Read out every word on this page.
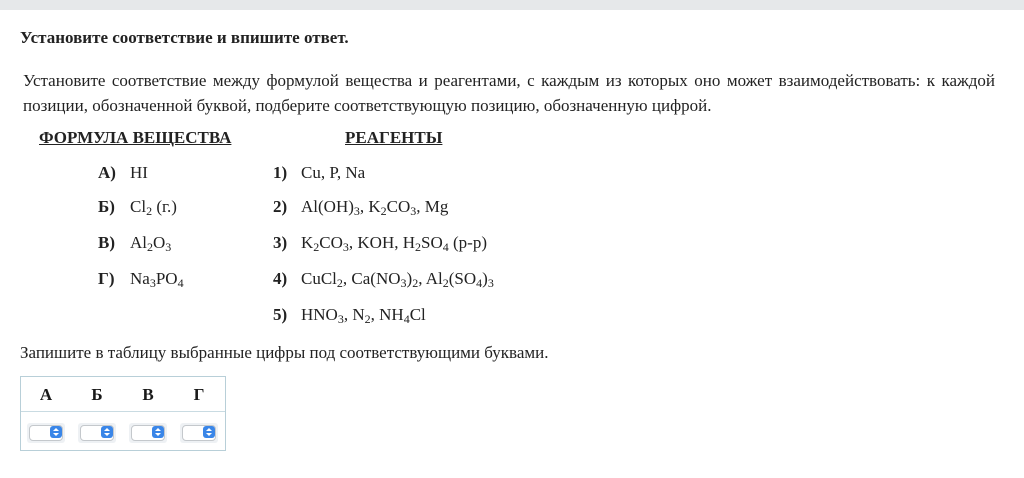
Установите соответствие и впишите ответ.
Установите соответствие между формулой вещества и реагентами, с каждым из которых оно может взаимодействовать: к каждой позиции, обозначенной буквой, подберите соответствующую позицию, обозначенную цифрой.
ФОРМУЛА ВЕЩЕСТВА	РЕАГЕНТЫ
А) HI
Б) $Cl_2$ (г.)
В) $Al_2O_3$
Г) $Na_3PO_4$
1) Cu, P, Na
2) $Al(OH)_3$, $K_2CO_3$, Mg
3) $K_2CO_3$, KOH, $H_2SO_4$ (р-р)
4) CuCl$_2$, $Ca(NO_3)_2$, $Al_2(SO_4)_3$
5) $HNO_3$, $N_2$, $NH_4Cl$
Запишите в таблицу выбранные цифры под соответствующими буквами.
А	Б	В	Г
